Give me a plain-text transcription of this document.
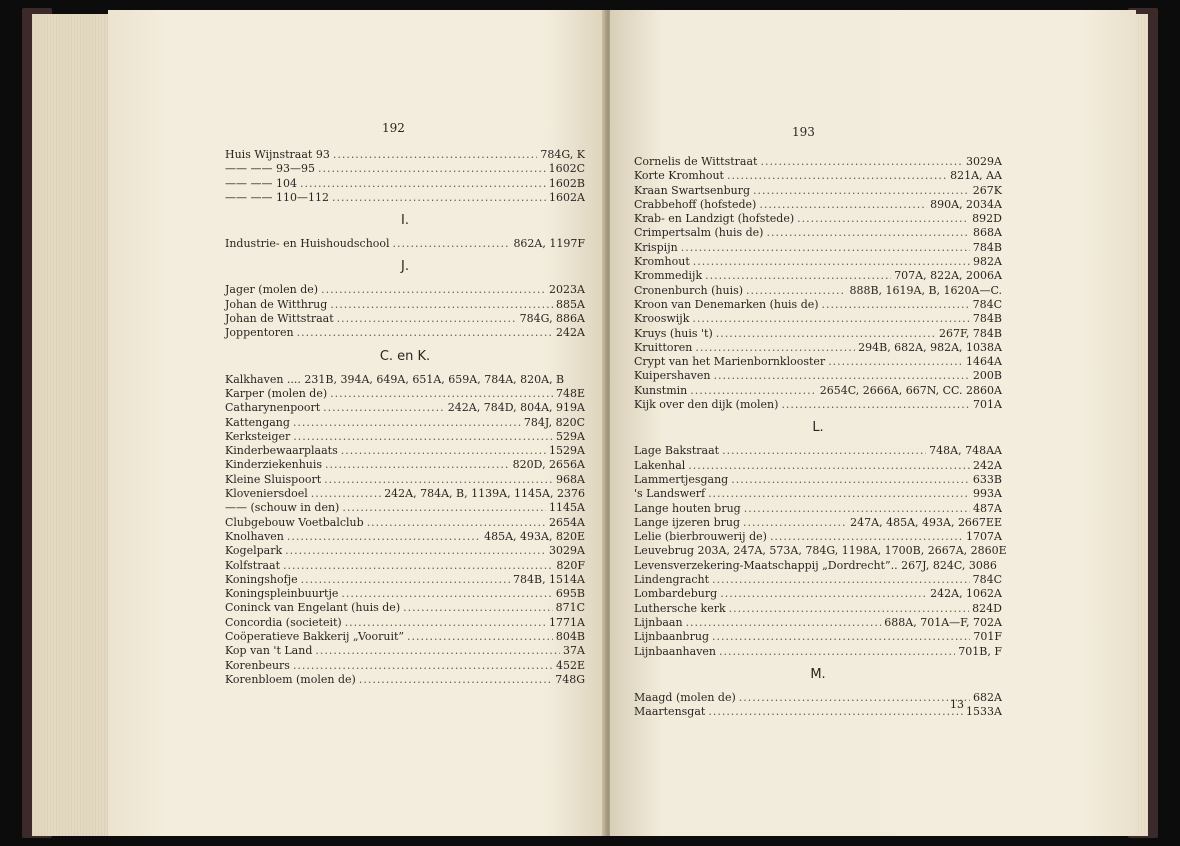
192
Huis Wijnstraat 93 .....	784G, K
—— —— 93—95 .....	1602C
—— —— 104 .....	1602B
—— —— 110—112 .....	1602A
I.
Industrie- en Huishoudschool .....	862A, 1197F
J.
Jager (molen de) .....	2023A
Johan de Witthrug .....	885A
Johan de Wittstraat .....	784G, 886A
Joppentoren .....	242A
C. en K.
Kalkhaven .... 231B, 394A, 649A, 651A, 659A, 784A, 820A, B
Karper (molen de) .....	748E
Catharynenpoort .....	242A, 784D, 804A, 919A
Kattengang .....	784J, 820C
Kerksteiger .....	529A
Kinderbewaarplaats .....	1529A
Kinderziekenhuis .....	820D, 2656A
Kleine Sluispoort .....	968A
Kloveniersdoel .....	242A, 784A, B, 1139A, 1145A, 2376
—— (schouw in den) .....	1145A
Clubgebouw Voetbalclub .....	2654A
Knolhaven .....	485A, 493A, 820E
Kogelpark .....	3029A
Kolfstraat .....	820F
Koningshofje .....	784B, 1514A
Koningspleinbuurtje .....	695B
Coninck van Engelant (huis de) .....	871C
Concordia (societeit) .....	1771A
Coöperatieve Bakkerij „Vooruit” .....	804B
Kop van 't Land .....	37A
Korenbeurs .....	452E
Korenbloem (molen de) .....	748G
193
Cornelis de Wittstraat .....	3029A
Korte Kromhout .....	821A, AA
Kraan Swartsenburg .....	267K
Crabbehoff (hofstede) .....	890A, 2034A
Krab- en Landzigt (hofstede) .....	892D
Crimpertsalm (huis de) .....	868A
Krispijn .....	784B
Kromhout .....	982A
Krommedijk .....	707A, 822A, 2006A
Cronenburch (huis) .....	888B, 1619A, B, 1620A—C.
Kroon van Denemarken (huis de) .....	784C
Krooswijk .....	784B
Kruys (huis 't) .....	267F, 784B
Kruittoren .....	294B, 682A, 982A, 1038A
Crypt van het Marienbornklooster .....	1464A
Kuipershaven .....	200B
Kunstmin .....	2654C, 2666A, 667N, CC. 2860A
Kijk over den dijk (molen) .....	701A
L.
Lage Bakstraat .....	748A, 748AA
Lakenhal .....	242A
Lammertjesgang .....	633B
's Landswerf .....	993A
Lange houten brug .....	487A
Lange ijzeren brug .....	247A, 485A, 493A, 2667EE
Lelie (bierbrouwerij de) .....	1707A
Leuvebrug 203A, 247A, 573A, 784G, 1198A, 1700B, 2667A, 2860E
Levensverzekering-Maatschappij „Dordrecht”.. 267J, 824C, 3086
Lindengracht .....	784C
Lombardeburg .....	242A, 1062A
Luthersche kerk .....	824D
Lijnbaan .....	688A, 701A—F, 702A
Lijnbaanbrug .....	701F
Lijnbaanhaven .....	701B, F
M.
Maagd (molen de) .....	682A
Maartensgat .....	1533A
13
